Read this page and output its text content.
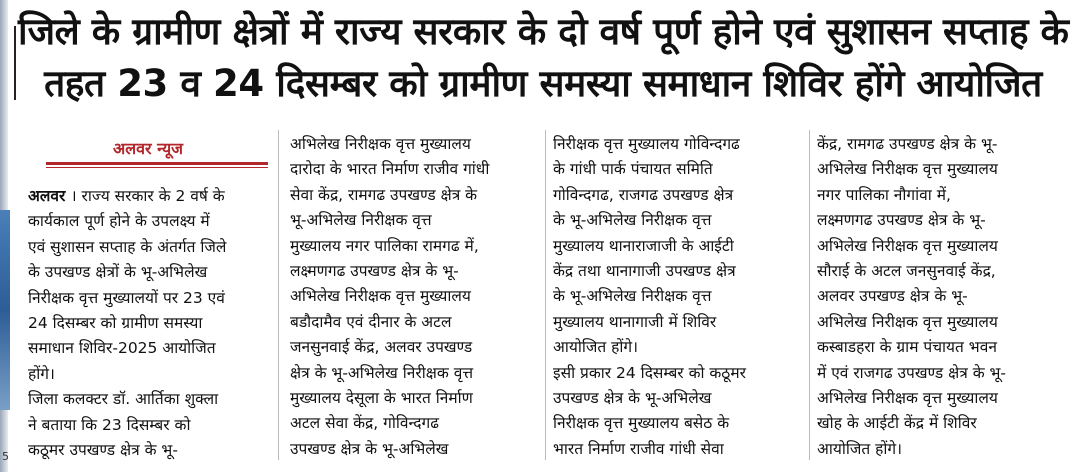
5
जिले के ग्रामीण क्षेत्रों में राज्य सरकार के दो वर्ष पूर्ण होने एवं सुशासन सप्ताह के
तहत 23 व 24 दिसम्बर को ग्रामीण समस्या समाधान शिविर होंगे आयोजित
अलवर न्यूज
अलवर । राज्य सरकार के 2 वर्ष के
कार्यकाल पूर्ण होने के उपलक्ष्य में
एवं सुशासन सप्ताह के अंतर्गत जिले
के उपखण्ड क्षेत्रों के भू-अभिलेख
निरीक्षक वृत्त मुख्यालयों पर 23 एवं
24 दिसम्बर को ग्रामीण समस्या
समाधान शिविर-2025 आयोजित
होंगे।
जिला कलक्टर डॉ. आर्तिका शुक्ला
ने बताया कि 23 दिसम्बर को
कठूमर उपखण्ड क्षेत्र के भू-
अभिलेख निरीक्षक वृत्त मुख्यालय
दारोदा के भारत निर्माण राजीव गांधी
सेवा केंद्र, रामगढ उपखण्ड क्षेत्र के
भू-अभिलेख निरीक्षक वृत्त
मुख्यालय नगर पालिका रामगढ में,
लक्ष्मणगढ उपखण्ड क्षेत्र के भू-
अभिलेख निरीक्षक वृत्त मुख्यालय
बडौदामैव एवं दीनार के अटल
जनसुनवाई केंद्र, अलवर उपखण्ड
क्षेत्र के भू-अभिलेख निरीक्षक वृत्त
मुख्यालय देसूला के भारत निर्माण
अटल सेवा केंद्र, गोविन्दगढ
उपखण्ड क्षेत्र के भू-अभिलेख
निरीक्षक वृत्त मुख्यालय गोविन्दगढ
के गांधी पार्क पंचायत समिति
गोविन्दगढ, राजगढ उपखण्ड क्षेत्र
के भू-अभिलेख निरीक्षक वृत्त
मुख्यालय थानाराजाजी के आईटी
केंद्र तथा थानागाजी उपखण्ड क्षेत्र
के भू-अभिलेख निरीक्षक वृत्त
मुख्यालय थानागाजी में शिविर
आयोजित होंगे।
इसी प्रकार 24 दिसम्बर को कठूमर
उपखण्ड क्षेत्र के भू-अभिलेख
निरीक्षक वृत्त मुख्यालय बसेठ के
भारत निर्माण राजीव गांधी सेवा
केंद्र, रामगढ उपखण्ड क्षेत्र के भू-
अभिलेख निरीक्षक वृत्त मुख्यालय
नगर पालिका नौगांवा में,
लक्ष्मणगढ उपखण्ड क्षेत्र के भू-
अभिलेख निरीक्षक वृत्त मुख्यालय
सौराई के अटल जनसुनवाई केंद्र,
अलवर उपखण्ड क्षेत्र के भू-
अभिलेख निरीक्षक वृत्त मुख्यालय
कस्बाडहरा के ग्राम पंचायत भवन
में एवं राजगढ उपखण्ड क्षेत्र के भू-
अभिलेख निरीक्षक वृत्त मुख्यालय
खोह के आईटी केंद्र में शिविर
आयोजित होंगे।
